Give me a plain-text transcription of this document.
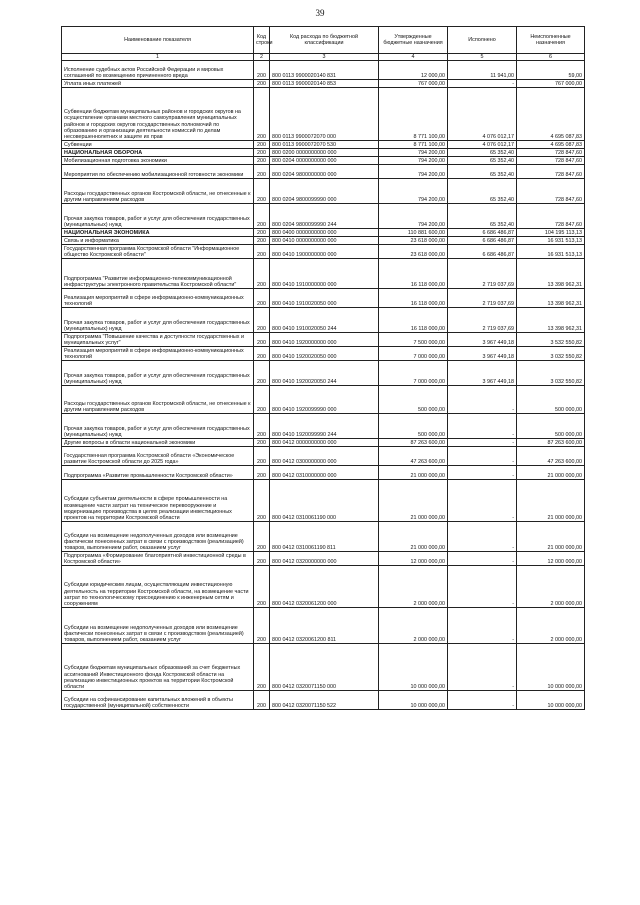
39
Наименование показателя	Код строки	Код расхода по бюджетной классификации	Утвержденные бюджетные назначения	Исполнено	Неисполненные назначения
1	2	3	4	5	6
Исполнение судебных актов Российской Федерации и мировых соглашений по возмещению причиненного вреда	200	800 0113 9900020140 831	12 000,00	11 941,00	59,00
Уплата иных платежей	200	800 0113 9900020140 853	767 000,00	-	767 000,00
Субвенции бюджетам муниципальных районов и городских округов на осуществление органами местного самоуправления муниципальных районов и городских округов государственных полномочий по образованию и организации деятельности комиссий по делам несовершеннолетних и защите их прав	200	800 0113 9900072070 000	8 771 100,00	4 076 012,17	4 695 087,83
Субвенции	200	800 0113 9900072070 530	8 771 100,00	4 076 012,17	4 695 087,83
НАЦИОНАЛЬНАЯ ОБОРОНА	200	800 0200 0000000000 000	794 200,00	65 352,40	728 847,60
Мобилизационная подготовка экономики	200	800 0204 0000000000 000	794 200,00	65 352,40	728 847,60
Мероприятия по обеспечению мобилизационной готовности экономики	200	800 0204 9800000000 000	794 200,00	65 352,40	728 847,60
Расходы государственных органов Костромской области, не отнесенные к другим направлениям расходов	200	800 0204 9800099990 000	794 200,00	65 352,40	728 847,60
Прочая закупка товаров, работ и услуг для обеспечения государственных (муниципальных) нужд	200	800 0204 9800099990 244	794 200,00	65 352,40	728 847,60
НАЦИОНАЛЬНАЯ ЭКОНОМИКА	200	800 0400 0000000000 000	110 881 600,00	6 686 486,87	104 195 113,13
Связь и информатика	200	800 0410 0000000000 000	23 618 000,00	6 686 486,87	16 931 513,13
Государственная программа Костромской области "Информационное общество Костромской области"	200	800 0410 1900000000 000	23 618 000,00	6 686 486,87	16 931 513,13
Подпрограмма "Развитие информационно-телекоммуникационной инфраструктуры электронного правительства Костромской области"	200	800 0410 1910000000 000	16 118 000,00	2 719 037,69	13 398 962,31
Реализация мероприятий в сфере информационно-коммуникационных технологий	200	800 0410 1910020050 000	16 118 000,00	2 719 037,69	13 398 962,31
Прочая закупка товаров, работ и услуг для обеспечения государственных (муниципальных) нужд	200	800 0410 1910020050 244	16 118 000,00	2 719 037,69	13 398 962,31
Подпрограмма "Повышение качества и доступности государственных и муниципальных услуг"	200	800 0410 1920000000 000	7 500 000,00	3 967 449,18	3 532 550,82
Реализация мероприятий в сфере информационно-коммуникационных технологий	200	800 0410 1920020050 000	7 000 000,00	3 967 449,18	3 032 550,82
Прочая закупка товаров, работ и услуг для обеспечения государственных (муниципальных) нужд	200	800 0410 1920020050 244	7 000 000,00	3 967 449,18	3 032 550,82
Расходы государственных органов Костромской области, не отнесенные к другим направлениям расходов	200	800 0410 1920099990 000	500 000,00	-	500 000,00
Прочая закупка товаров, работ и услуг для обеспечения государственных (муниципальных) нужд	200	800 0410 1920099990 244	500 000,00	-	500 000,00
Другие вопросы в области национальной экономики	200	800 0412 0000000000 000	87 263 600,00	-	87 263 600,00
Государственная программа Костромской области «Экономическое развитие Костромской области до 2025 года»	200	800 0412 0300000000 000	47 263 600,00	-	47 263 600,00
Подпрограмма «Развитие промышленности Костромской области»	200	800 0412 0310000000 000	21 000 000,00	-	21 000 000,00
Субсидии субъектам деятельности в сфере промышленности на возмещение части затрат на техническое перевооружение и модернизацию производства в целях реализации инвестиционных проектов на территории Костромской области	200	800 0412 0310061190 000	21 000 000,00	-	21 000 000,00
Субсидии на возмещение недополученных доходов или возмещение фактически понесенных затрат в связи с производством (реализацией) товаров, выполнением работ, оказанием услуг	200	800 0412 0310061190 811	21 000 000,00	-	21 000 000,00
Подпрограмма «Формирование благоприятной инвестиционной среды в Костромской области»	200	800 0412 0320000000 000	12 000 000,00	-	12 000 000,00
Субсидии юридическим лицам, осуществляющим инвестиционную деятельность на территории Костромской области, на возмещение части затрат по технологическому присоединению к инженерным сетям и сооружениям	200	800 0412 0320061200 000	2 000 000,00	-	2 000 000,00
Субсидии на возмещение недополученных доходов или возмещение фактически понесенных затрат в связи с производством (реализацией) товаров, выполнением работ, оказанием услуг	200	800 0412 0320061200 811	2 000 000,00	-	2 000 000,00
Субсидии бюджетам муниципальных образований за счет бюджетных ассигнований Инвестиционного фонда Костромской области на реализацию инвестиционных проектов на территории Костромской области	200	800 0412 0320071150 000	10 000 000,00	-	10 000 000,00
Субсидии на софинансирование капитальных вложений в объекты государственной (муниципальной) собственности	200	800 0412 0320071150 522	10 000 000,00	-	10 000 000,00
